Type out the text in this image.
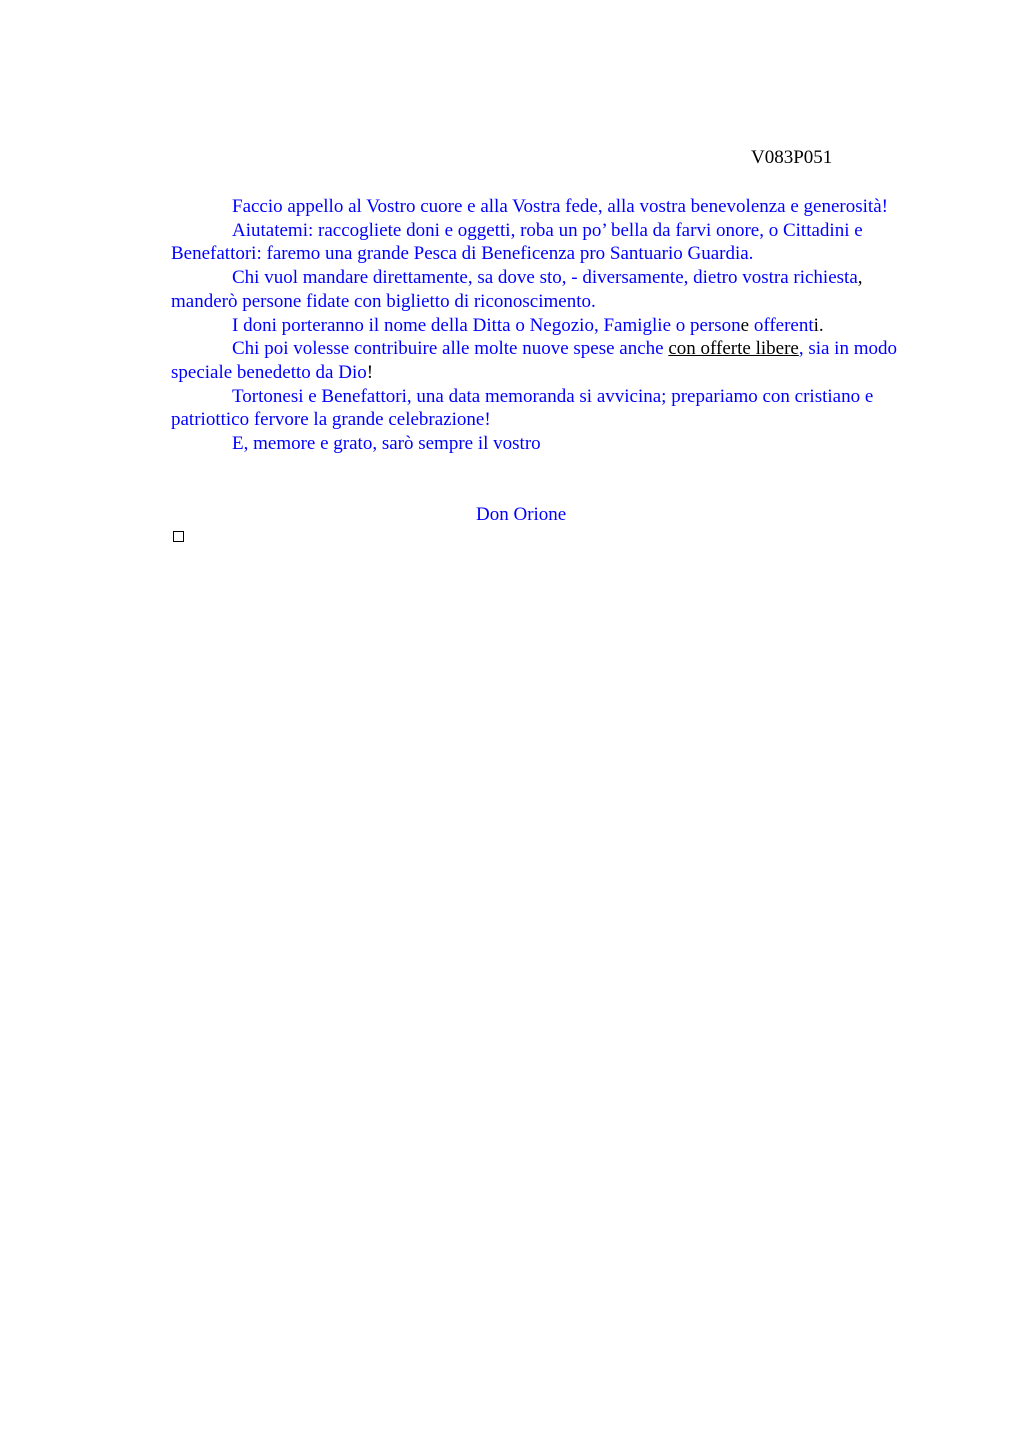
V083P051

Faccio appello al Vostro cuore e alla Vostra fede, alla vostra benevolenza e generosità!

Aiutatemi: raccogliete doni e oggetti, roba un po’ bella da farvi onore, o Cittadini e Benefattori: faremo una grande Pesca di Beneficenza pro Santuario Guardia.

Chi vuol mandare direttamente, sa dove sto, - diversamente, dietro vostra richiesta, manderò persone fidate con biglietto di riconoscimento.

I doni porteranno il nome della Ditta o Negozio, Famiglie o persone offerenti.

Chi poi volesse contribuire alle molte nuove spese anche con offerte libere, sia in modo speciale benedetto da Dio!

Tortonesi e Benefattori, una data memoranda si avvicina; prepariamo con cristiano e patriottico fervore la grande celebrazione!

E, memore e grato, sarò sempre il vostro

Don Orione
